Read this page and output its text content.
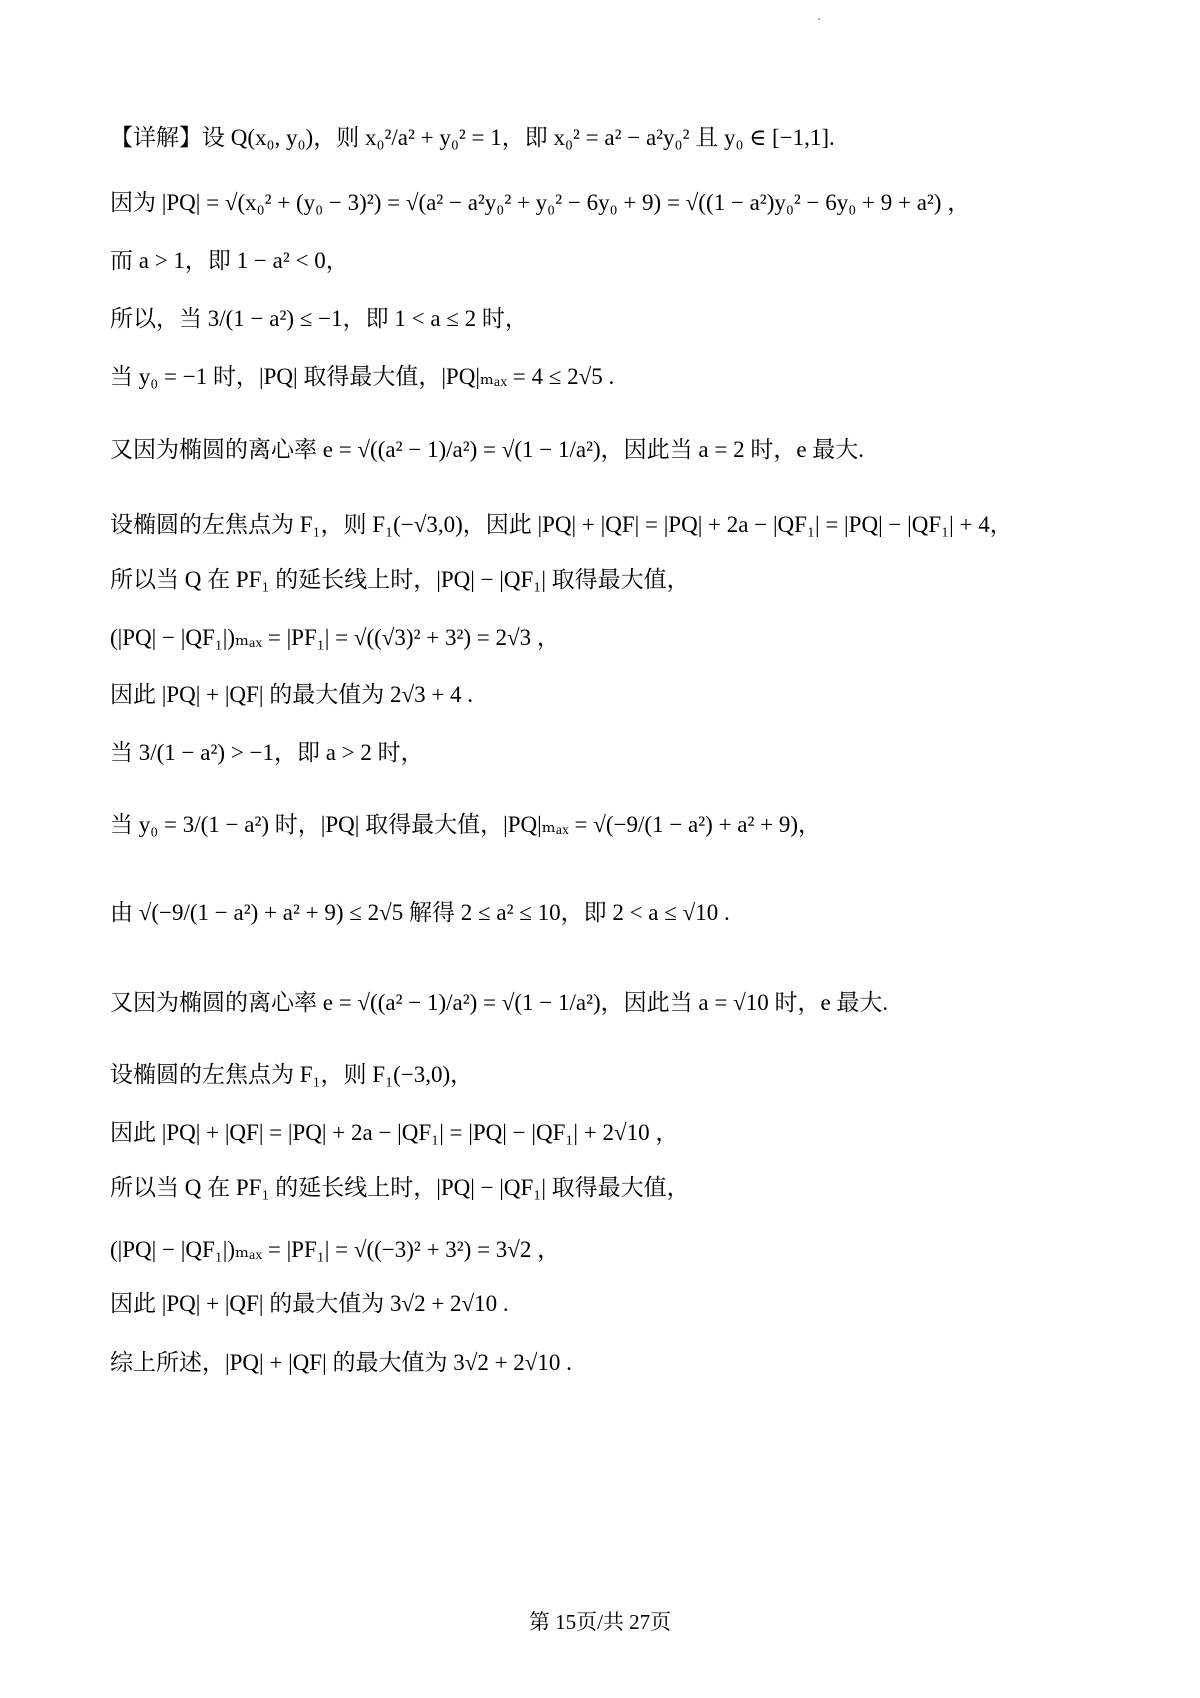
【详解】设 Q(x₀, y₀)，则 x₀²/a² + y₀² = 1，即 x₀² = a² − a²y₀² 且 y₀ ∈ [−1,1].
因为 |PQ| = √(x₀² + (y₀ − 3)²) = √(a² − a²y₀² + y₀² − 6y₀ + 9) = √((1 − a²)y₀² − 6y₀ + 9 + a²) ，
而 a > 1，即 1 − a² < 0，
所以，当 3/(1 − a²) ≤ −1，即 1 < a ≤ 2 时，
当 y₀ = −1 时，|PQ| 取得最大值，|PQ|ₘₐₓ = 4 ≤ 2√5 .
又因为椭圆的离心率 e = √((a² − 1)/a²) = √(1 − 1/a²)，因此当 a = 2 时，e 最大.
设椭圆的左焦点为 F₁，则 F₁(−√3,0)，因此 |PQ| + |QF| = |PQ| + 2a − |QF₁| = |PQ| − |QF₁| + 4，
所以当 Q 在 PF₁ 的延长线上时，|PQ| − |QF₁| 取得最大值，
(|PQ| − |QF₁|)ₘₐₓ = |PF₁| = √((√3)² + 3²) = 2√3 ，
因此 |PQ| + |QF| 的最大值为 2√3 + 4 .
当 3/(1 − a²) > −1，即 a > 2 时，
当 y₀ = 3/(1 − a²) 时，|PQ| 取得最大值，|PQ|ₘₐₓ = √(−9/(1 − a²) + a² + 9)，
由 √(−9/(1 − a²) + a² + 9) ≤ 2√5 解得 2 ≤ a² ≤ 10，即 2 < a ≤ √10 .
又因为椭圆的离心率 e = √((a² − 1)/a²) = √(1 − 1/a²)，因此当 a = √10 时，e 最大.
设椭圆的左焦点为 F₁，则 F₁(−3,0)，
因此 |PQ| + |QF| = |PQ| + 2a − |QF₁| = |PQ| − |QF₁| + 2√10 ，
所以当 Q 在 PF₁ 的延长线上时，|PQ| − |QF₁| 取得最大值，
(|PQ| − |QF₁|)ₘₐₓ = |PF₁| = √((−3)² + 3²) = 3√2 ，
因此 |PQ| + |QF| 的最大值为 3√2 + 2√10 .
综上所述，|PQ| + |QF| 的最大值为 3√2 + 2√10 .
第 15页/共 27页
